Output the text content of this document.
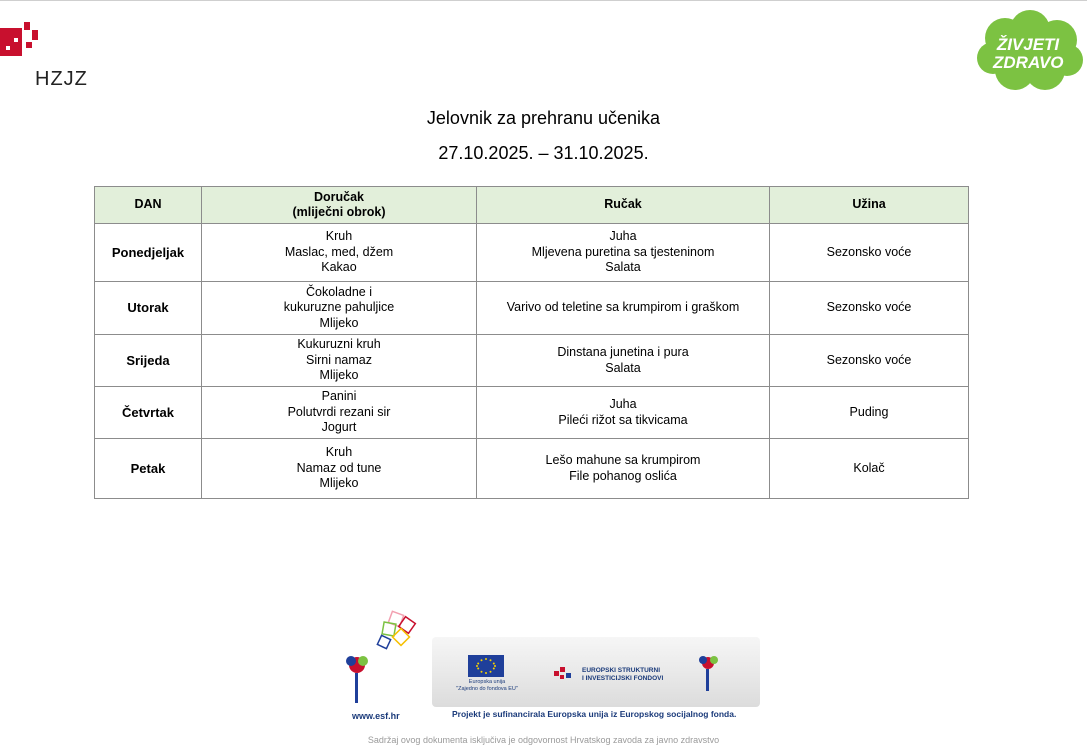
HZJZ
ŽIVJETI
ZDRAVO
Jelovnik za prehranu učenika
27.10.2025. – 31.10.2025.
DAN	Doručak
(mliječni obrok)	Ručak	Užina
Ponedjeljak	Kruh
Maslac, med, džem
Kakao	Juha
Mljevena puretina sa tjesteninom
Salata	Sezonsko voće
Utorak	Čokoladne i
kukuruzne pahuljice
Mlijeko	Varivo od teletine sa krumpirom i graškom	Sezonsko voće
Srijeda	Kukuruzni kruh
Sirni namaz
Mlijeko	Dinstana junetina i pura
Salata	Sezonsko voće
Četvrtak	Panini
Polutvrdi rezani sir
Jogurt	Juha
Pileći rižot sa tikvicama	Puding
Petak	Kruh
Namaz od tune
Mlijeko	Lešo mahune sa krumpirom
File pohanog oslića	Kolač
www.esf.hr
Europska unija
"Zajedno do fondova EU"
EUROPSKI STRUKTURNI
I INVESTICIJSKI FONDOVI
Projekt je sufinancirala Europska unija iz Europskog socijalnog fonda.
Sadržaj ovog dokumenta isključiva je odgovornost Hrvatskog zavoda za javno zdravstvo
